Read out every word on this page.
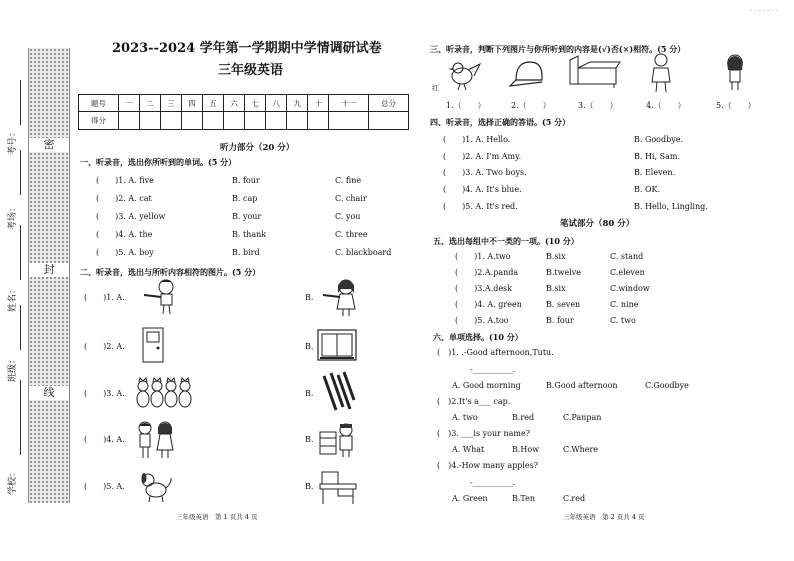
密
封
线
考号：
考场：
姓名：
班级：
学校：
2023--2024 学年第一学期期中学情调研试卷
三年级英语
题号	一	二	三	四	五	六	七	八	九	十	十一	总分
得分												
听力部分（20 分）
一、听录音，选出你所听到的单词。(5 分）
(　　)1. A. five	B. four	C. fine
(　　)2. A. cat	B. cap	C. chair
(　　)3. A. yellow	B. your	C. you
(　　)4. A. the	B. thank	C. three
(　　)5. A. boy	B. bird	C. blackboard
二、听录音，选出与所听内容相符的图片。(5 分）
(　　)1. A.	B.
(　　)2. A.	B.
(　　)3. A.	B.
(　　)4. A.	B.
(　　)5. A.	B.
三、听录音，判断下列图片与你所听到的内容是(√)否(×)相符。(5 分）
红
1.（　　）	2.（　　）	3.（　　）	4.（　　）	5.（　　）
四、听录音，选择正确的答语。(5 分）
(　　)1. A. Hello.	B. Goodbye.
(　　)2. A. I'm Amy.	B. Hi, Sam.
(　　)3. A. Two boys.	B. Eleven.
(　　)4. A. It's blue.	B. OK.
(　　)5. A. It's red.	B. Hello, Lingling.
笔试部分（80 分）
五、选出每组中不一类的一项。(10 分）
(　　)1. A.two	B.six	C. stand
(　　)2.A.panda	B.twelve	C.eleven
(　　)3.A.desk	B.six	C.window
(　　)4. A. green	B. seven	C. nine
(　　)5. A.too	B. four	C. two
六、单项选择。(10 分）
(　)1. .-Good afternoon,Tutu.
-__________.
A. Good morning	B.Good afternoon	C.Goodbye
(　)2.It's a___ cap.
A. two	B.red	C.Panpan
(　)3. ___is your name?
A. What	B.How	C.Where
(　)4.-How many apples?
-__________.
A. Green	B.Ten	C.red
三年级英语　第 1 页共 4 页	三年级英语　第 2 页共 4 页
- - - - - - -
